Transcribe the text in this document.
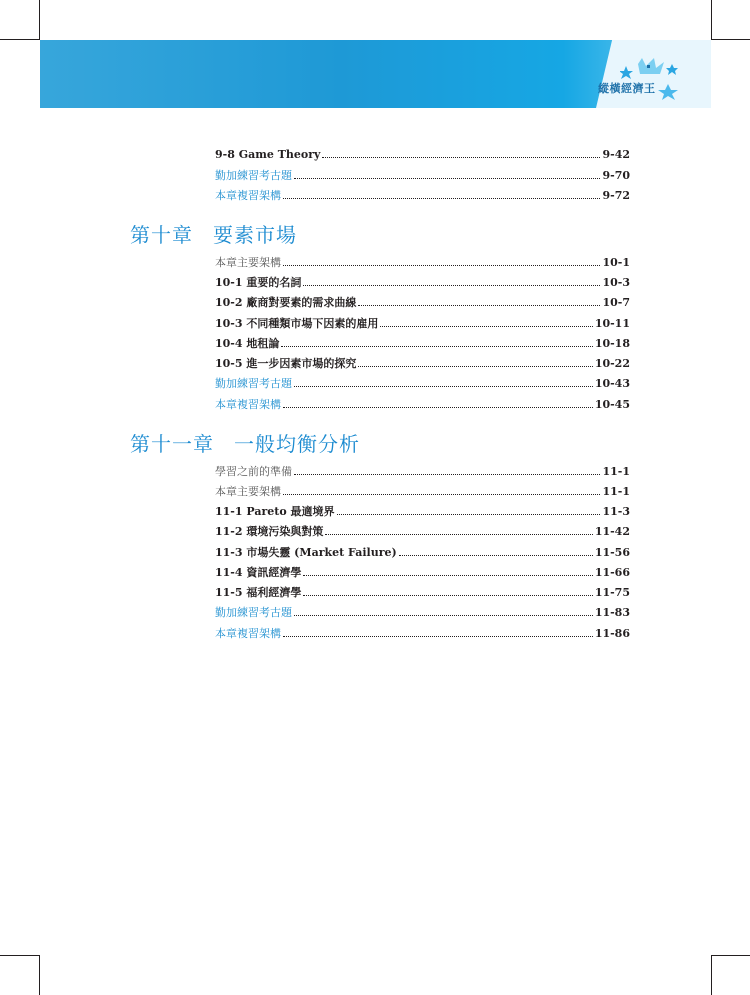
縱橫經濟王
9-8 Game Theory	9-42
勤加練習考古題	9-70
本章複習架構	9-72
第十章 要素市場
本章主要架構	10-1
10-1 重要的名詞	10-3
10-2 廠商對要素的需求曲線	10-7
10-3 不同種類市場下因素的雇用	10-11
10-4 地租論	10-18
10-5 進一步因素市場的探究	10-22
勤加練習考古題	10-43
本章複習架構	10-45
第十一章 一般均衡分析
學習之前的準備	11-1
本章主要架構	11-1
11-1 Pareto 最適境界	11-3
11-2 環境污染與對策	11-42
11-3 市場失靈 (Market Failure)	11-56
11-4 資訊經濟學	11-66
11-5 福利經濟學	11-75
勤加練習考古題	11-83
本章複習架構	11-86
